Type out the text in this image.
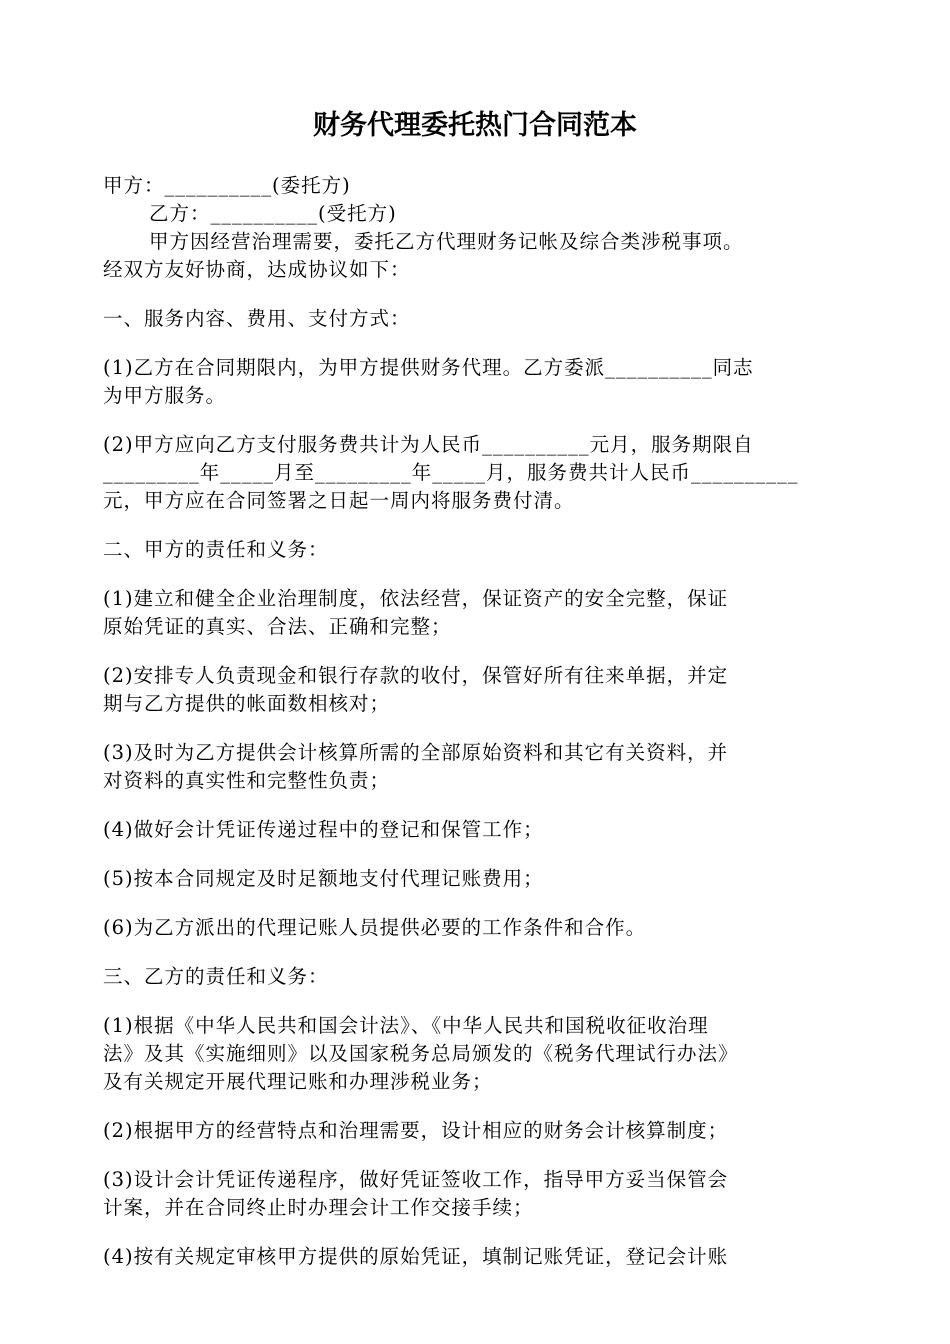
财务代理委托热门合同范本
甲方：__________(委托方)
乙方：__________(受托方)
甲方因经营治理需要，委托乙方代理财务记帐及综合类涉税事项。
经双方友好协商，达成协议如下：
一、服务内容、费用、支付方式：
(1)乙方在合同期限内，为甲方提供财务代理。乙方委派__________同志
为甲方服务。
(2)甲方应向乙方支付服务费共计为人民币__________元月，服务期限自
_________年_____月至_________年_____月，服务费共计人民币__________
元，甲方应在合同签署之日起一周内将服务费付清。
二、甲方的责任和义务：
(1)建立和健全企业治理制度，依法经营，保证资产的安全完整，保证
原始凭证的真实、合法、正确和完整；
(2)安排专人负责现金和银行存款的收付，保管好所有往来单据，并定
期与乙方提供的帐面数相核对；
(3)及时为乙方提供会计核算所需的全部原始资料和其它有关资料，并
对资料的真实性和完整性负责；
(4)做好会计凭证传递过程中的登记和保管工作；
(5)按本合同规定及时足额地支付代理记账费用；
(6)为乙方派出的代理记账人员提供必要的工作条件和合作。
三、乙方的责任和义务：
(1)根据《中华人民共和国会计法》、《中华人民共和国税收征收治理
法》及其《实施细则》以及国家税务总局颁发的《税务代理试行办法》
及有关规定开展代理记账和办理涉税业务；
(2)根据甲方的经营特点和治理需要，设计相应的财务会计核算制度；
(3)设计会计凭证传递程序，做好凭证签收工作，指导甲方妥当保管会
计案，并在合同终止时办理会计工作交接手续；
(4)按有关规定审核甲方提供的原始凭证，填制记账凭证，登记会计账
